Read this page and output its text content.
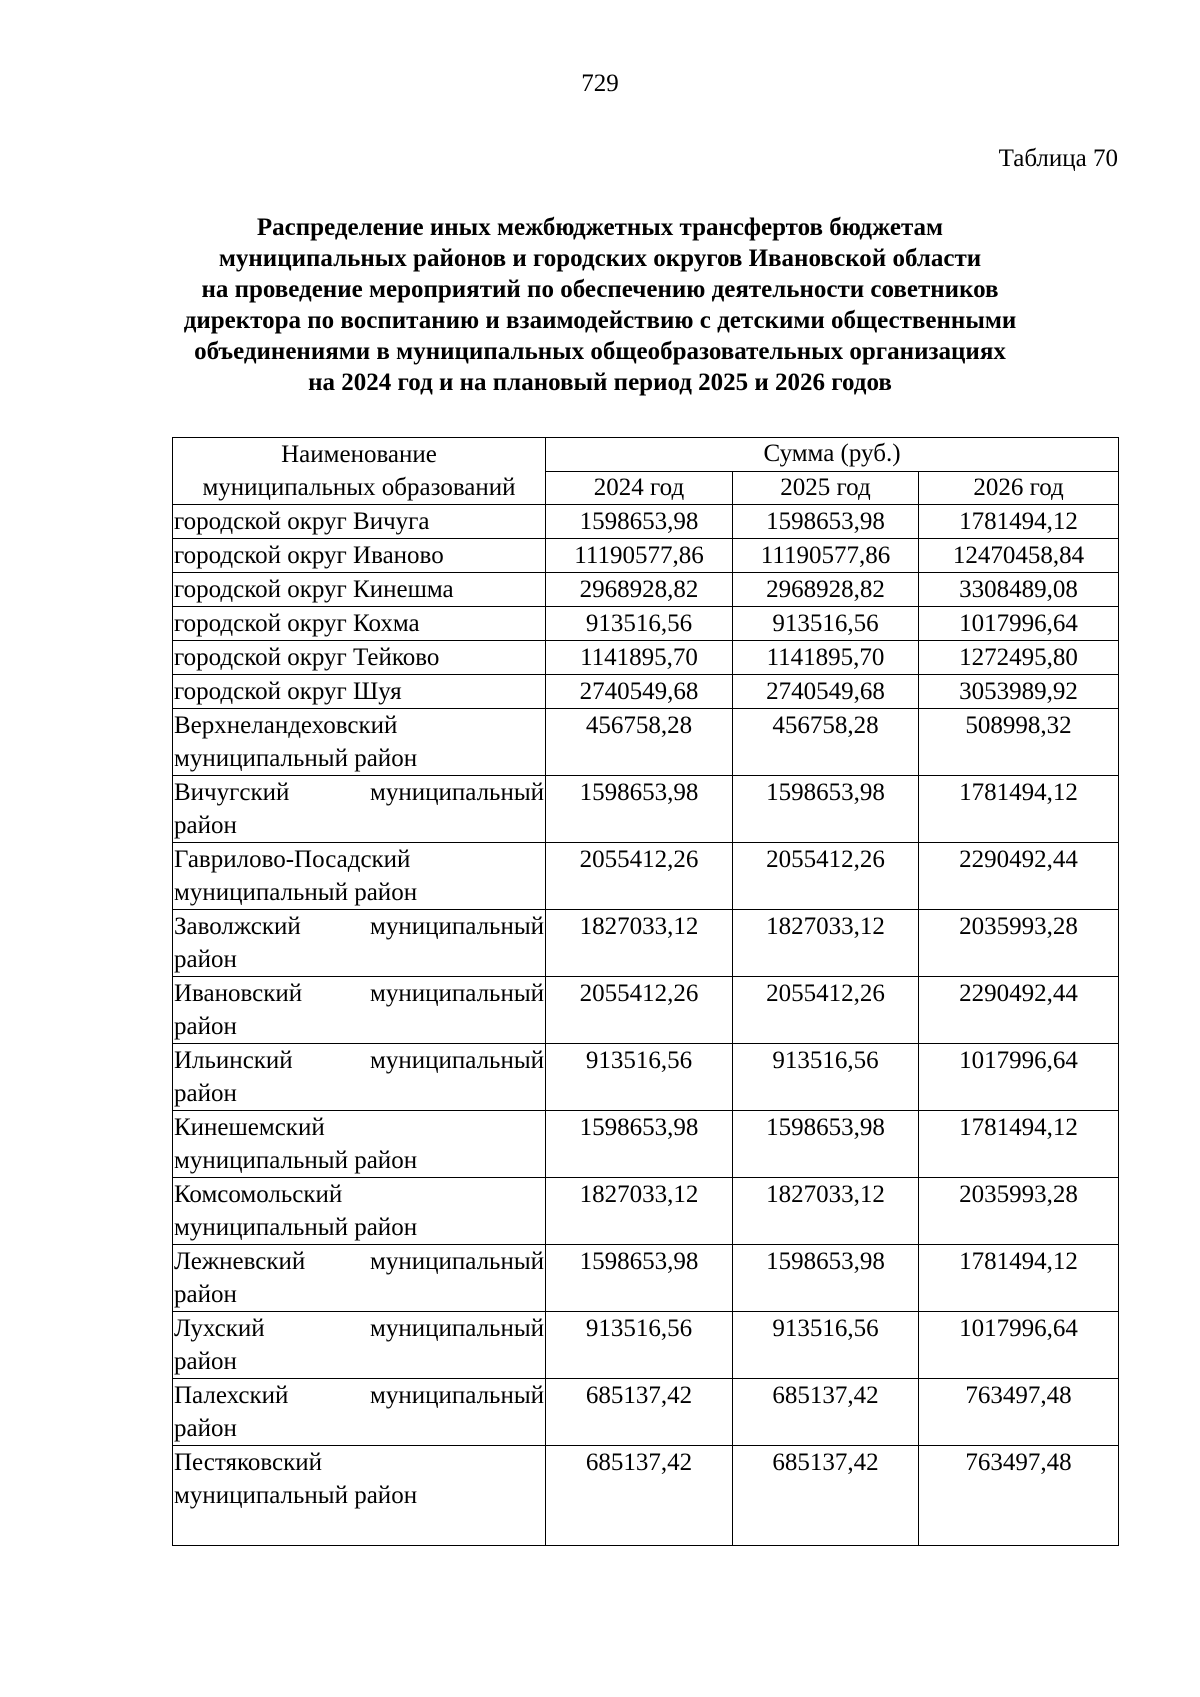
729
Таблица 70
Распределение иных межбюджетных трансфертов бюджетам
муниципальных районов и городских округов Ивановской области
на проведение мероприятий по обеспечению деятельности советников
директора по воспитанию и взаимодействию с детскими общественными
объединениями в муниципальных общеобразовательных организациях
на 2024 год и на плановый период 2025 и 2026 годов
Наименование
муниципальных образований	Сумма (руб.)		
	2024 год	2025 год	2026 год

городской округ Вичуга	1598653,98	1598653,98	1781494,12

городской округ Иваново	11190577,86	11190577,86	12470458,84

городской округ Кинешма	2968928,82	2968928,82	3308489,08

городской округ Кохма	913516,56	913516,56	1017996,64

городской округ Тейково	1141895,70	1141895,70	1272495,80

городской округ Шуя	2740549,68	2740549,68	3053989,92

Верхнеландеховский
муниципальный район	456758,28	456758,28	508998,32

Вичугский муниципальный
район	1598653,98	1598653,98	1781494,12

Гаврилово-Посадский
муниципальный район	2055412,26	2055412,26	2290492,44

Заволжский муниципальный
район	1827033,12	1827033,12	2035993,28

Ивановский муниципальный
район	2055412,26	2055412,26	2290492,44

Ильинский муниципальный
район	913516,56	913516,56	1017996,64

Кинешемский
муниципальный район	1598653,98	1598653,98	1781494,12

Комсомольский
муниципальный район	1827033,12	1827033,12	2035993,28

Лежневский муниципальный
район	1598653,98	1598653,98	1781494,12

Лухский муниципальный
район	913516,56	913516,56	1017996,64

Палехский муниципальный
район	685137,42	685137,42	763497,48

Пестяковский
муниципальный район	685137,42	685137,42	763497,48
